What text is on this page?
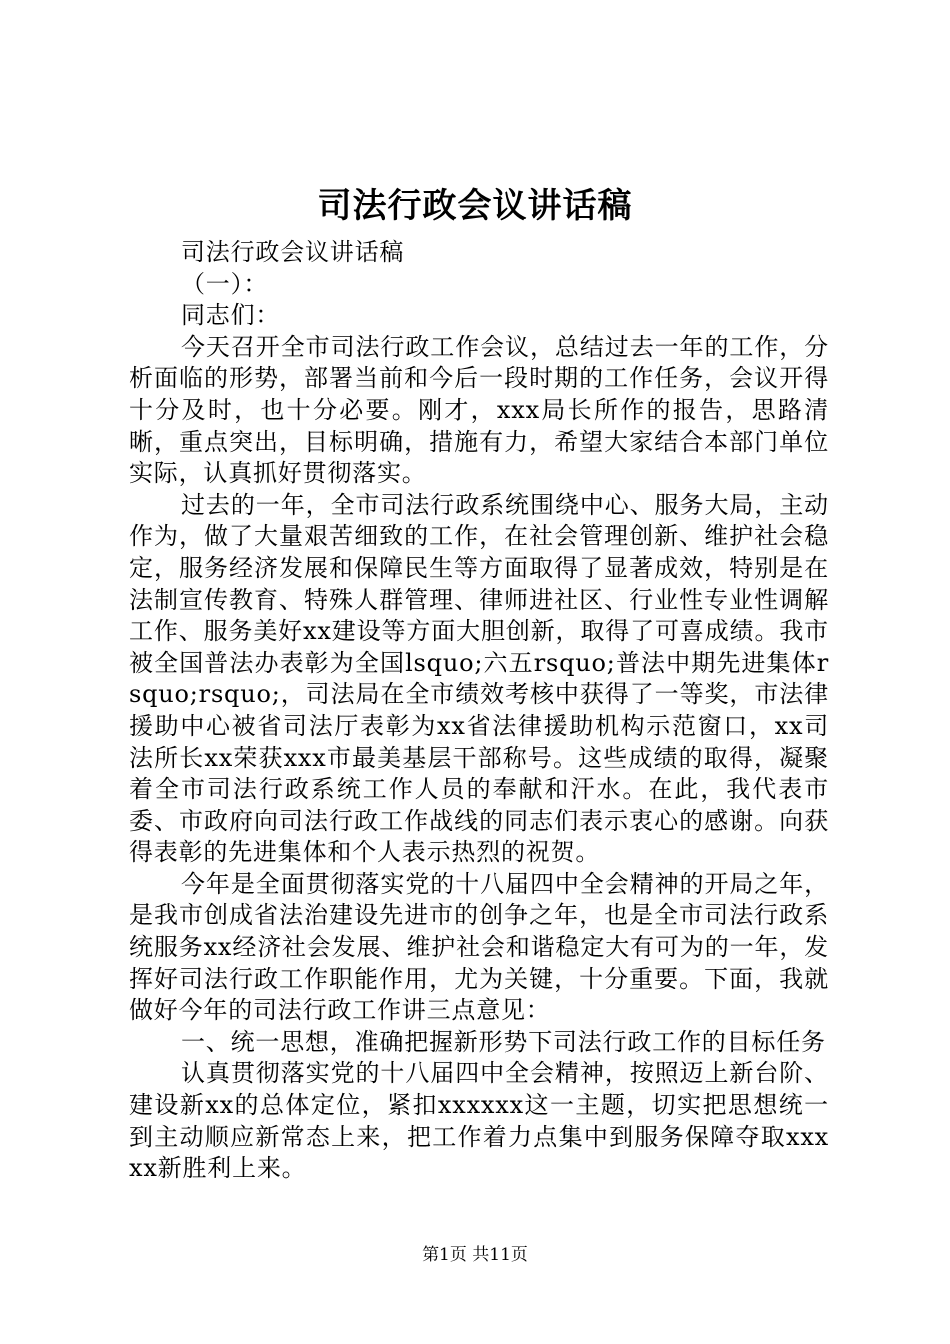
司法行政会议讲话稿

司法行政会议讲话稿

（一）：

同志们：

今天召开全市司法行政工作会议，总结过去一年的工作，分析面临的形势，部署当前和今后一段时期的工作任务，会议开得十分及时，也十分必要。刚才，xxx局长所作的报告，思路清晰，重点突出，目标明确，措施有力，希望大家结合本部门单位实际，认真抓好贯彻落实。

过去的一年，全市司法行政系统围绕中心、服务大局，主动作为，做了大量艰苦细致的工作，在社会管理创新、维护社会稳定，服务经济发展和保障民生等方面取得了显著成效，特别是在法制宣传教育、特殊人群管理、律师进社区、行业性专业性调解工作、服务美好xx建设等方面大胆创新，取得了可喜成绩。我市被全国普法办表彰为全国lsquo;六五rsquo;普法中期先进集体rsquo;rsquo;，司法局在全市绩效考核中获得了一等奖，市法律援助中心被省司法厅表彰为xx省法律援助机构示范窗口，xx司法所长xx荣获xxx市最美基层干部称号。这些成绩的取得，凝聚着全市司法行政系统工作人员的奉献和汗水。在此，我代表市委、市政府向司法行政工作战线的同志们表示衷心的感谢。向获得表彰的先进集体和个人表示热烈的祝贺。

今年是全面贯彻落实党的十八届四中全会精神的开局之年，是我市创成省法治建设先进市的创争之年，也是全市司法行政系统服务xx经济社会发展、维护社会和谐稳定大有可为的一年，发挥好司法行政工作职能作用，尤为关键，十分重要。下面，我就做好今年的司法行政工作讲三点意见：

一、统一思想，准确把握新形势下司法行政工作的目标任务

认真贯彻落实党的十八届四中全会精神，按照迈上新台阶、建设新xx的总体定位，紧扣xxxxxx这一主题，切实把思想统一到主动顺应新常态上来，把工作着力点集中到服务保障夺取xxxxx新胜利上来。

第1页 共11页
